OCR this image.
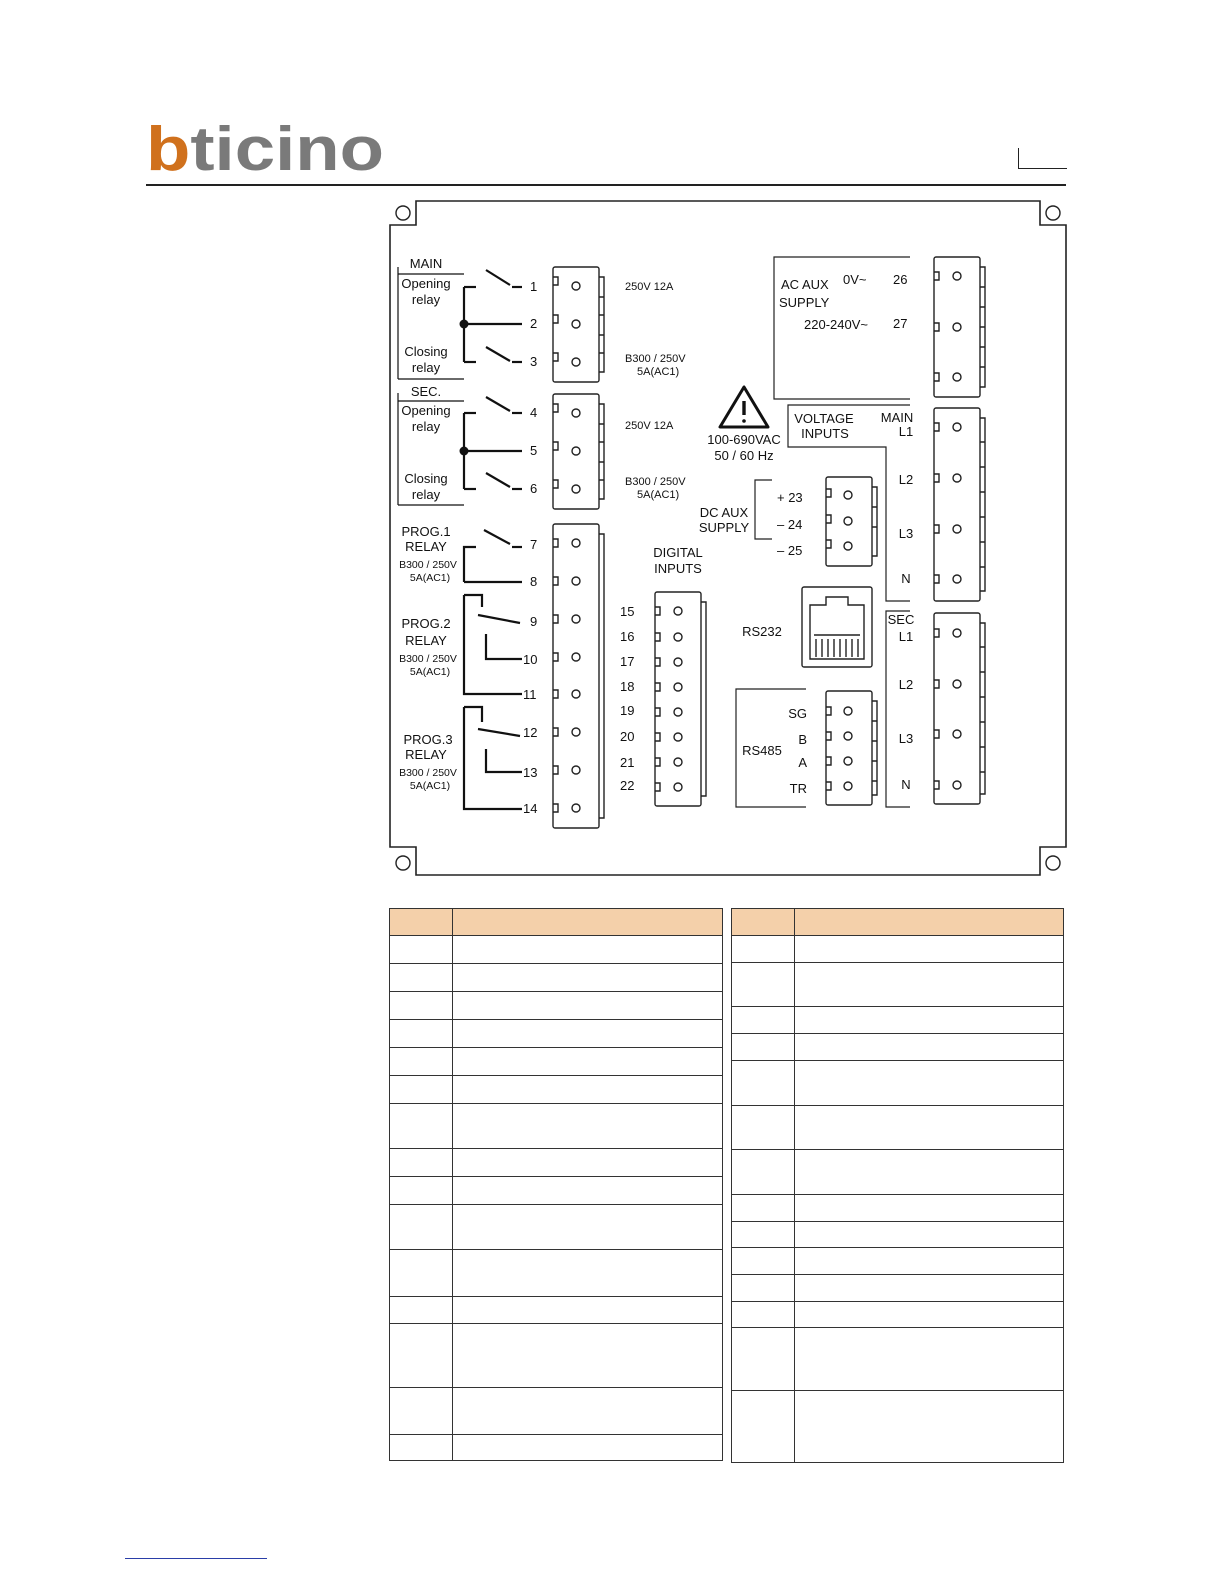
b ticino
MAIN
Opening
relay
Closing
relay
1
2
3
SEC.
Opening
relay
Closing
relay
4
5
6
250V 12A
B300 / 250V
5A(AC1)
250V 12A
B300 / 250V
5A(AC1)
PROG.1
RELAY
B300 / 250V
5A(AC1)
7
8
PROG.2
RELAY
B300 / 250V
5A(AC1)
9
10
11
PROG.3
RELAY
B300 / 250V
5A(AC1)
12
13
14
DIGITAL
INPUTS
15
16
17
18
19
20
21
22
AC AUX
SUPPLY
0V~ 26
220-240V~ 27
100-690VAC
50 / 60 Hz
VOLTAGE
INPUTS
MAIN
L1
L2
L3
N
SEC
L1
L2
L3
N
DC AUX
SUPPLY
+ 23
– 24
– 25
RS232
RS485
SG
B
A
TR
